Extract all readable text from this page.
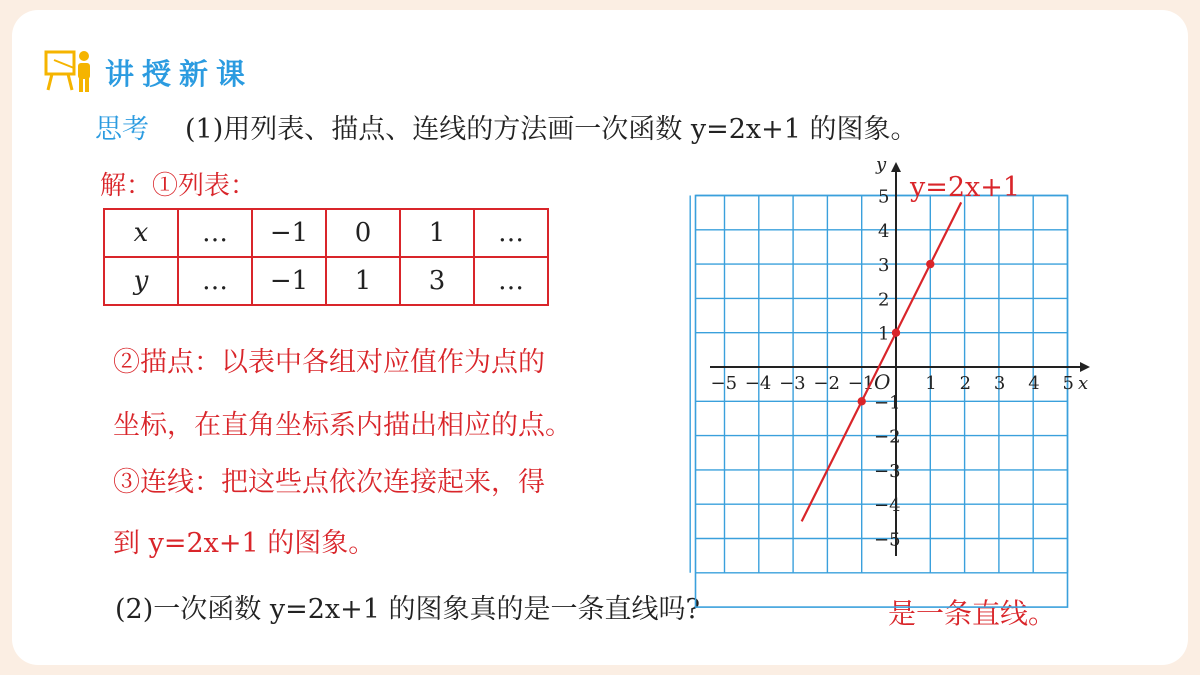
讲授新课
思考 (1)用列表、描点、连线的方法画一次函数 y=2x+1 的图象。
解：①列表：
x	…	−1	0	1	…
y	…	−1	1	3	…
②描点：以表中各组对应值作为点的
坐标，在直角坐标系内描出相应的点。
③连线：把这些点依次连接起来，得
到 y=2x+1 的图象。
(2)一次函数 y=2x+1 的图象真的是一条直线吗?	是一条直线。
x
y
O
−5 −4 −3 −2 −1	1 2 3 4 5
5
4
3
2
1
−1
−2
−3
−4
−5
y=2x+1
